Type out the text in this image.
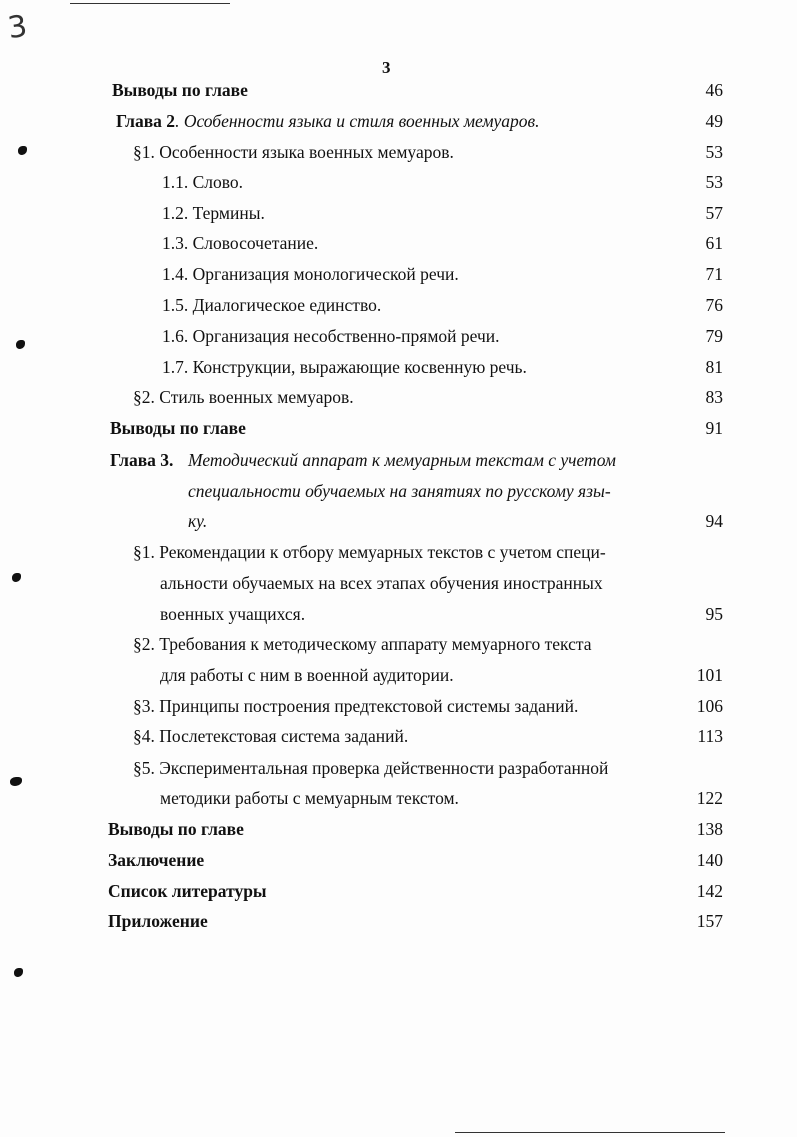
3
3
Выводы по главе	46
Глава 2. Особенности языка и стиля военных мемуаров.	49
§1. Особенности языка военных мемуаров.	53
1.1. Слово.	53
1.2. Термины.	57
1.3. Словосочетание.	61
1.4. Организация монологической речи.	71
1.5. Диалогическое единство.	76
1.6. Организация несобственно-прямой речи.	79
1.7. Конструкции, выражающие косвенную речь.	81
§2. Стиль военных мемуаров.	83
Выводы по главе	91
Глава 3. Методический аппарат к мемуарным текстам с учетом
специальности обучаемых на занятиях по русскому язы-
ку.	94
§1. Рекомендации к отбору мемуарных текстов с учетом специ-
альности обучаемых на всех этапах обучения иностранных
военных учащихся.	95
§2. Требования к методическому аппарату мемуарного текста
для работы с ним в военной аудитории.	101
§3. Принципы построения предтекстовой системы заданий.	106
§4. Послетекстовая система заданий.	113
§5. Экспериментальная проверка действенности разработанной
методики работы с мемуарным текстом.	122
Выводы по главе	138
Заключение	140
Список литературы	142
Приложение	157
